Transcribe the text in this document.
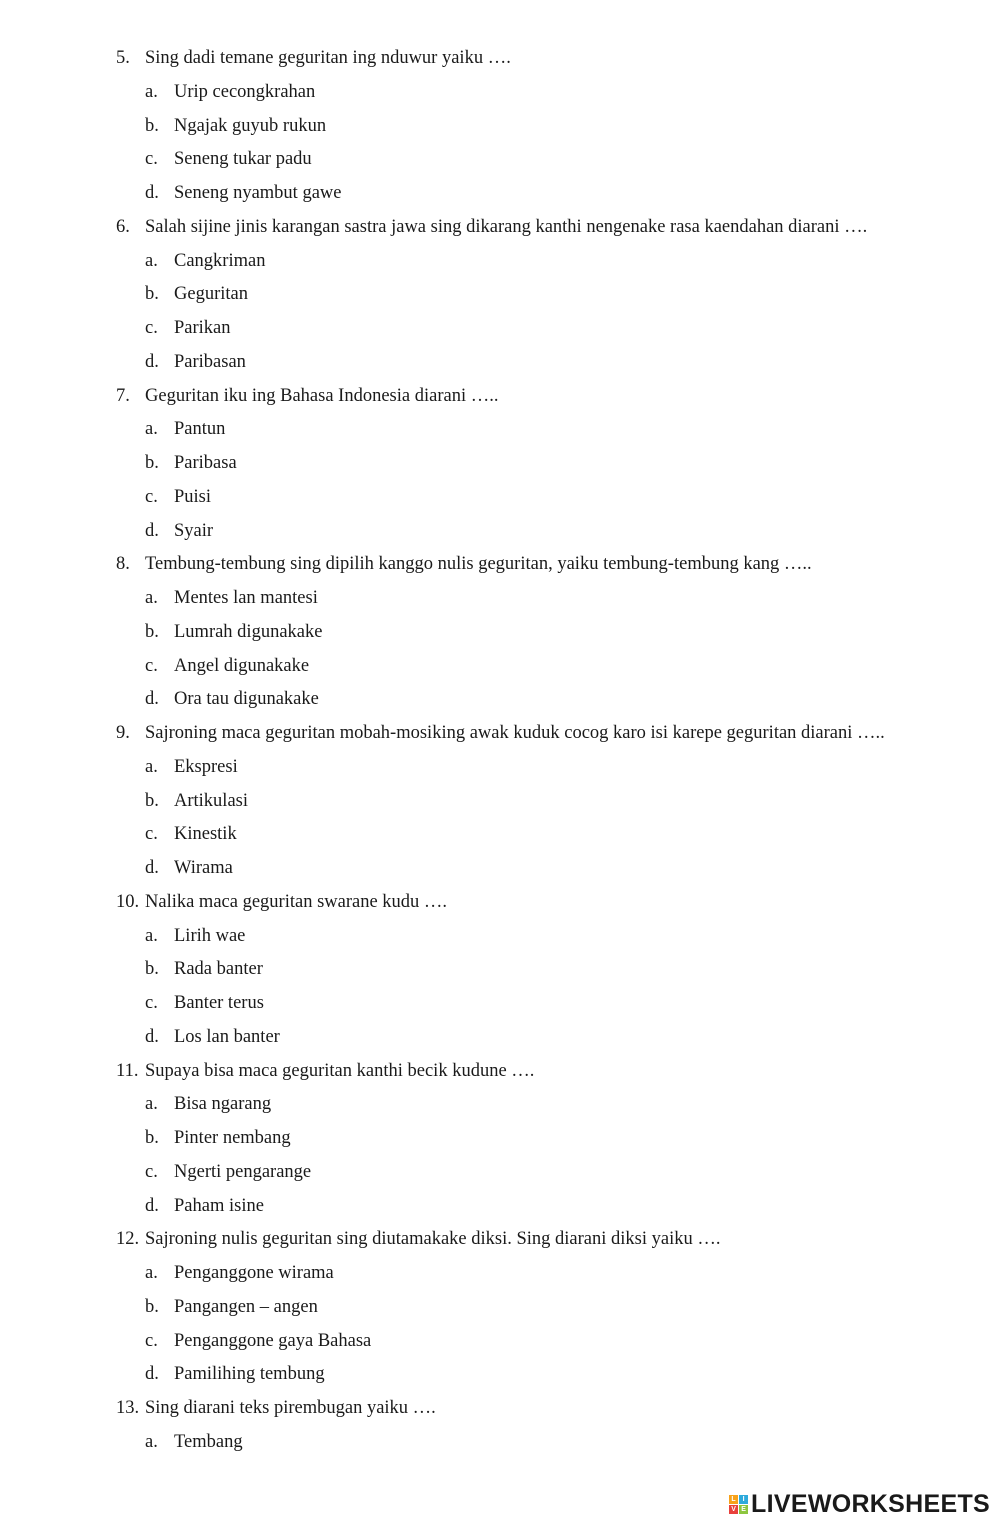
5. Sing dadi temane geguritan ing nduwur yaiku ….
a. Urip cecongkrahan
b. Ngajak guyub rukun
c. Seneng tukar padu
d. Seneng nyambut gawe
6. Salah sijine jinis karangan sastra jawa sing dikarang kanthi nengenake rasa kaendahan diarani ….
a. Cangkriman
b. Geguritan
c. Parikan
d. Paribasan
7. Geguritan iku ing Bahasa Indonesia diarani …..
a. Pantun
b. Paribasa
c. Puisi
d. Syair
8. Tembung-tembung sing dipilih kanggo nulis geguritan, yaiku tembung-tembung kang …..
a. Mentes lan mantesi
b. Lumrah digunakake
c. Angel digunakake
d. Ora tau digunakake
9. Sajroning maca geguritan mobah-mosiking awak kuduk cocog karo isi karepe geguritan diarani …..
a. Ekspresi
b. Artikulasi
c. Kinestik
d. Wirama
10. Nalika maca geguritan swarane kudu ….
a. Lirih wae
b. Rada banter
c. Banter terus
d. Los lan banter
11. Supaya bisa maca geguritan kanthi becik kudune ….
a. Bisa ngarang
b. Pinter nembang
c. Ngerti pengarange
d. Paham isine
12. Sajroning nulis geguritan sing diutamakake diksi. Sing diarani diksi yaiku ….
a. Penganggone wirama
b. Pangangen – angen
c. Penganggone gaya Bahasa
d. Pamilihing tembung
13. Sing diarani teks pirembugan yaiku ….
a. Tembang
L I
V E LIVEWORKSHEETS
